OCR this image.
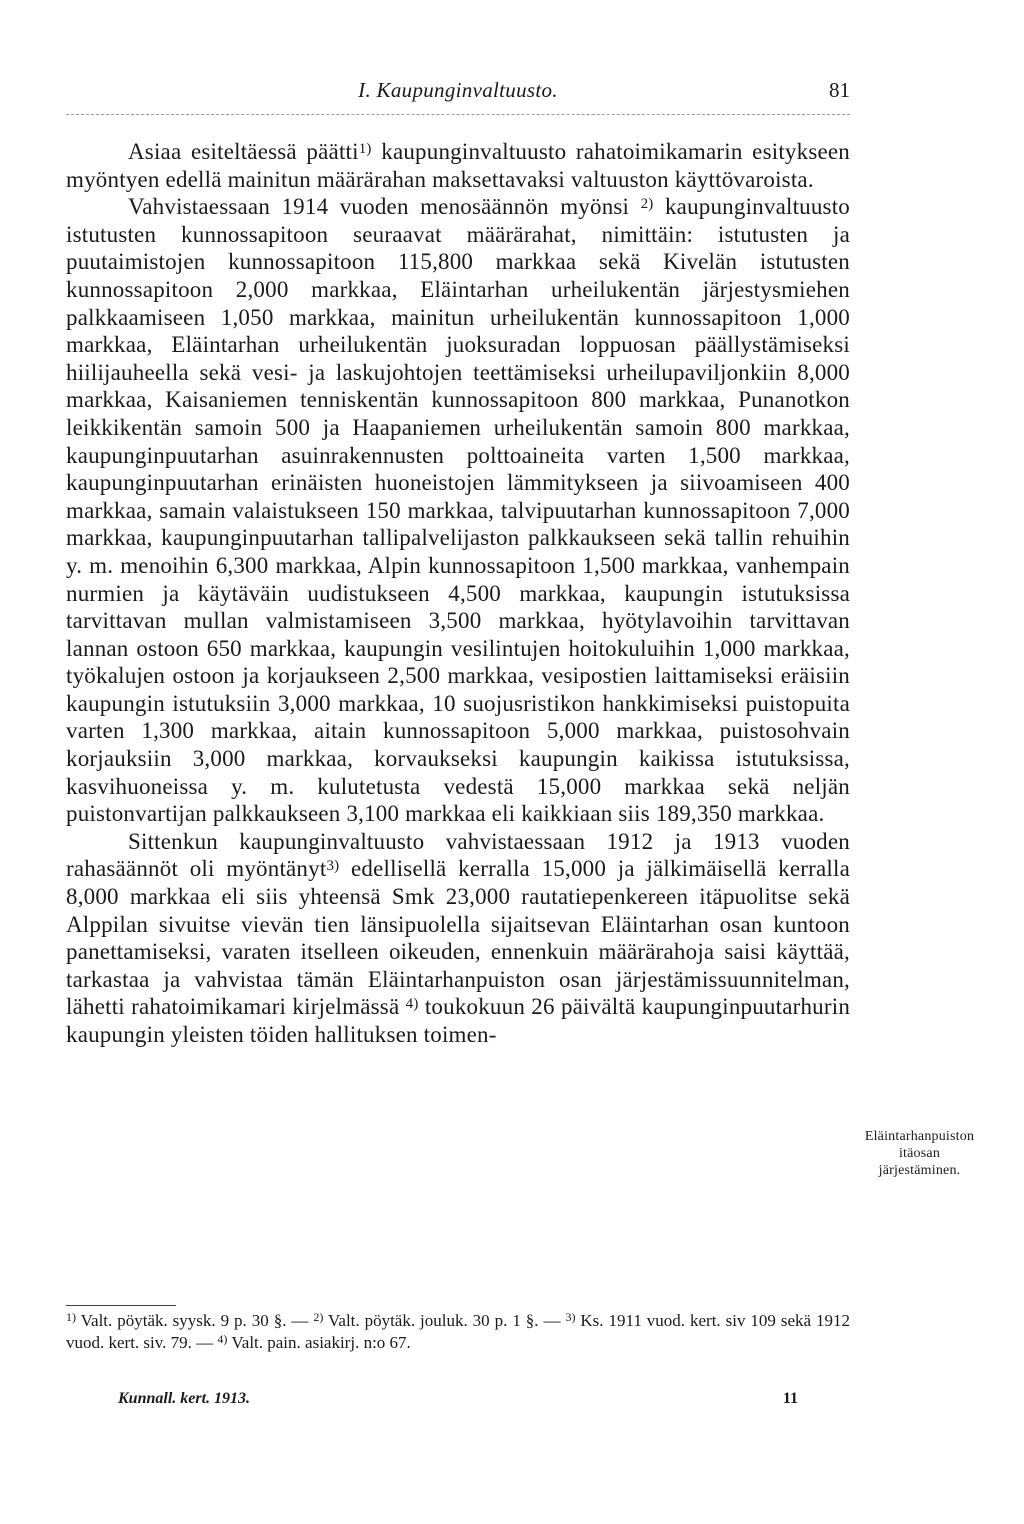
I. Kaupunginvaltuusto.	81

Asiaa esiteltäessä päätti$^{1)}$ kaupunginvaltuusto rahatoimikamarin esitykseen myöntyen edellä mainitun määrärahan maksettavaksi valtuuston käyttövaroista.

Vahvistaessaan 1914 vuoden menosäännön myönsi $^{2)}$ kaupunginvaltuusto istutusten kunnossapitoon seuraavat määrärahat, nimittäin: istutusten ja puutaimistojen kunnossapitoon 115,800 markkaa sekä Kivelän istutusten kunnossapitoon 2,000 markkaa, Eläintarhan urheilukentän järjestysmiehen palkkaamiseen 1,050 markkaa, mainitun urheilukentän kunnossapitoon 1,000 markkaa, Eläintarhan urheilukentän juoksuradan loppuosan päällystämiseksi hiilijauheella sekä vesi- ja laskujohtojen teettämiseksi urheilupaviljonkiin 8,000 markkaa, Kaisaniemen tenniskentän kunnossapitoon 800 markkaa, Punanotkon leikkikentän samoin 500 ja Haapaniemen urheilukentän samoin 800 markkaa, kaupunginpuutarhan asuinrakennusten polttoaineita varten 1,500 markkaa, kaupunginpuutarhan erinäisten huoneistojen lämmitykseen ja siivoamiseen 400 markkaa, samain valaistukseen 150 markkaa, talvipuutarhan kunnossapitoon 7,000 markkaa, kaupunginpuutarhan tallipalvelijaston palkkaukseen sekä tallin rehuihin y. m. menoihin 6,300 markkaa, Alpin kunnossapitoon 1,500 markkaa, vanhempain nurmien ja käytäväin uudistukseen 4,500 markkaa, kaupungin istutuksissa tarvittavan mullan valmistamiseen 3,500 markkaa, hyötylavoihin tarvittavan lannan ostoon 650 markkaa, kaupungin vesilintujen hoitokuluihin 1,000 markkaa, työkalujen ostoon ja korjaukseen 2,500 markkaa, vesipostien laittamiseksi eräisiin kaupungin istutuksiin 3,000 markkaa, 10 suojusristikon hankkimiseksi puistopuita varten 1,300 markkaa, aitain kunnossapitoon 5,000 markkaa, puistosohvain korjauksiin 3,000 markkaa, korvaukseksi kaupungin kaikissa istutuksissa, kasvihuoneissa y. m. kulutetusta vedestä 15,000 markkaa sekä neljän puistonvartijan palkkaukseen 3,100 markkaa eli kaikkiaan siis 189,350 markkaa.

Sittenkun kaupunginvaltuusto vahvistaessaan 1912 ja 1913 vuoden rahasäännöt oli myöntänyt$^{3)}$ edellisellä kerralla 15,000 ja jälkimäisellä kerralla 8,000 markkaa eli siis yhteensä Smk 23,000 rautatiepenkereen itäpuolitse sekä Alppilan sivuitse vievän tien länsipuolella sijaitsevan Eläintarhan osan kuntoon panettamiseksi, varaten itselleen oikeuden, ennenkuin määrärahoja saisi käyttää, tarkastaa ja vahvistaa tämän Eläintarhanpuiston osan järjestämissuunnitelman, lähetti rahatoimikamari kirjelmässä $^{4)}$ toukokuun 26 päivältä kaupunginpuutarhurin kaupungin yleisten töiden hallituksen toimen-

Eläintarhanpuiston itäosan järjestäminen.

$^{1)}$ Valt. pöytäk. syysk. 9 p. 30 §. — $^{2)}$ Valt. pöytäk. jouluk. 30 p. 1 §. — $^{3)}$ Ks. 1911 vuod. kert. siv 109 sekä 1912 vuod. kert. siv. 79. — $^{4)}$ Valt. pain. asiakirj. n:o 67.

Kunnall. kert. 1913.	11
